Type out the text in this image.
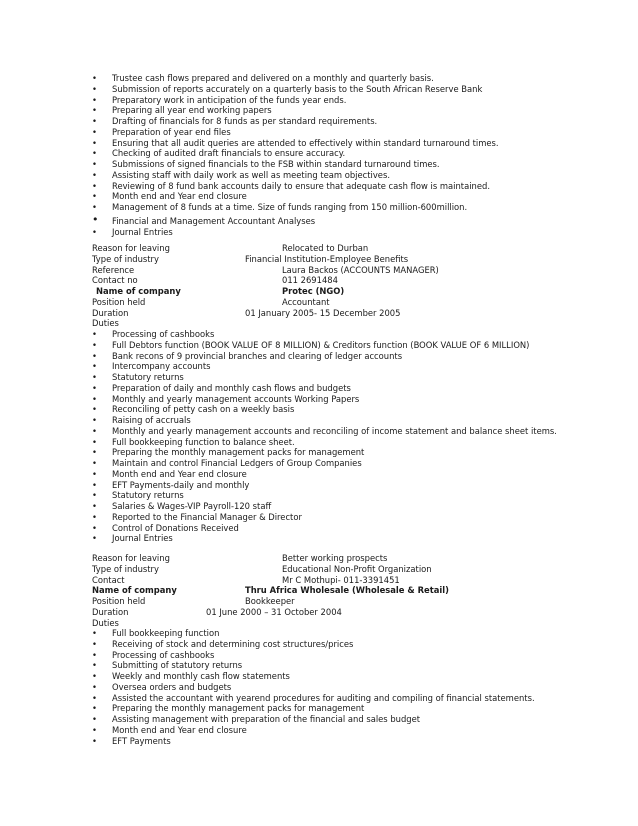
• Trustee cash flows prepared and delivered on a monthly and quarterly basis.
• Submission of reports accurately on a quarterly basis to the South African Reserve Bank
• Preparatory work in anticipation of the funds year ends.
• Preparing all year end working papers
• Drafting of financials for 8 funds as per standard requirements.
• Preparation of year end files
• Ensuring that all audit queries are attended to effectively within standard turnaround times.
• Checking of audited draft financials to ensure accuracy.
• Submissions of signed financials to the FSB within standard turnaround times.
• Assisting staff with daily work as well as meeting team objectives.
• Reviewing of 8 fund bank accounts daily to ensure that adequate cash flow is maintained.
• Month end and Year end closure
• Management of 8 funds at a time. Size of funds ranging from 150 million-600million.
• Financial and Management Accountant Analyses
• Journal Entries
Reason for leaving	Relocated to Durban
Type of industry	Financial Institution-Employee Benefits
Reference	Laura Backos (ACCOUNTS MANAGER)
Contact no	011 2691484
Name of company	Protec (NGO)
Position held	Accountant
Duration	01 January 2005- 15 December 2005
Duties
• Processing of cashbooks
• Full Debtors function (BOOK VALUE OF 8 MILLION) & Creditors function (BOOK VALUE OF 6 MILLION)
• Bank recons of 9 provincial branches and clearing of ledger accounts
• Intercompany accounts
• Statutory returns
• Preparation of daily and monthly cash flows and budgets
• Monthly and yearly management accounts Working Papers
• Reconciling of petty cash on a weekly basis
• Raising of accruals
• Monthly and yearly management accounts and reconciling of income statement and balance sheet items.
• Full bookkeeping function to balance sheet.
• Preparing the monthly management packs for management
• Maintain and control Financial Ledgers of Group Companies
• Month end and Year end closure
• EFT Payments-daily and monthly
• Statutory returns
• Salaries & Wages-VIP Payroll-120 staff
• Reported to the Financial Manager & Director
• Control of Donations Received
• Journal Entries
Reason for leaving	Better working prospects
Type of industry	Educational Non-Profit Organization
Contact	Mr C Mothupi- 011-3391451
Name of company	Thru Africa Wholesale (Wholesale & Retail)
Position held	Bookkeeper
Duration	01 June 2000 – 31 October 2004
Duties
• Full bookkeeping function
• Receiving of stock and determining cost structures/prices
• Processing of cashbooks
• Submitting of statutory returns
• Weekly and monthly cash flow statements
• Oversea orders and budgets
• Assisted the accountant with yearend procedures for auditing and compiling of financial statements.
• Preparing the monthly management packs for management
• Assisting management with preparation of the financial and sales budget
• Month end and Year end closure
• EFT Payments
